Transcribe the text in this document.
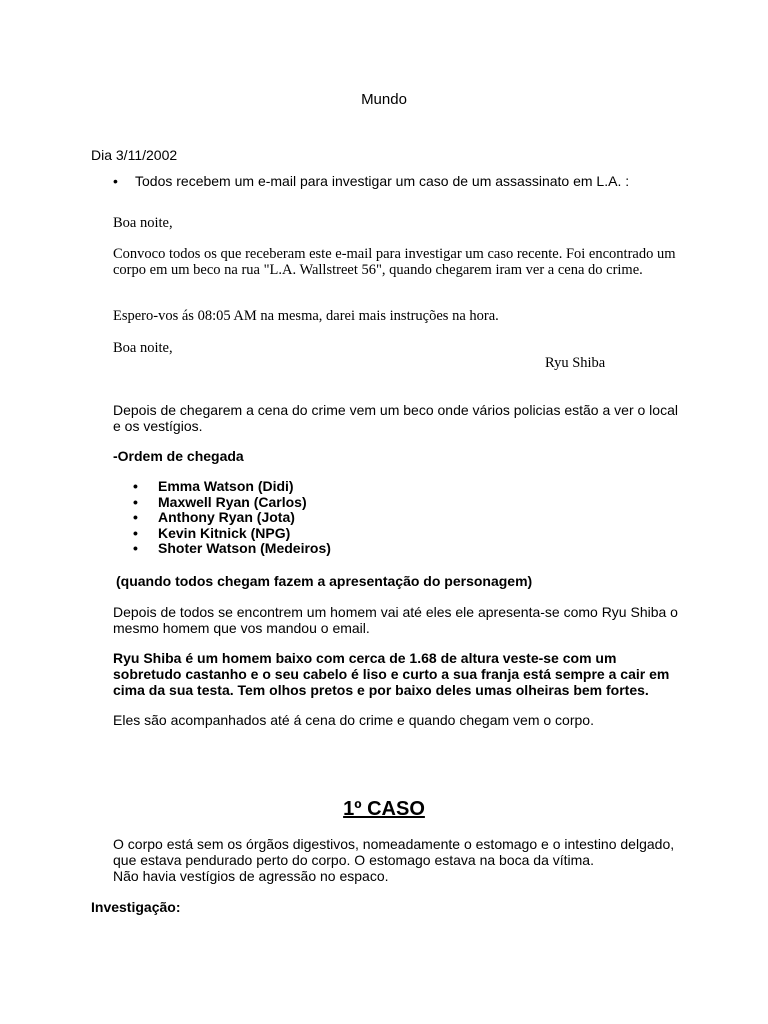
Mundo
Dia 3/11/2002
• Todos recebem um e-mail para investigar um caso de um assassinato em L.A. :
Boa noite,
Convoco todos os que receberam este e-mail para investigar um caso recente. Foi encontrado um corpo em um beco na rua "L.A. Wallstreet 56", quando chegarem iram ver a cena do crime.
Espero-vos ás 08:05 AM na mesma, darei mais instruções na hora.
Boa noite,
Ryu Shiba
Depois de chegarem a cena do crime vem um beco onde vários policias estão a ver o local e os vestígios.
-Ordem de chegada
•	Emma Watson (Didi)
•	Maxwell Ryan (Carlos)
•	Anthony Ryan (Jota)
•	Kevin Kitnick (NPG)
•	Shoter Watson (Medeiros)
(quando todos chegam fazem a apresentação do personagem)
Depois de todos se encontrem um homem vai até eles ele apresenta-se como Ryu Shiba o mesmo homem que vos mandou o email.
Ryu Shiba é um homem baixo com cerca de 1.68 de altura veste-se com um sobretudo castanho e o seu cabelo é liso e curto a sua franja está sempre a cair em cima da sua testa. Tem olhos pretos e por baixo deles umas olheiras bem fortes.
Eles são acompanhados até á cena do crime e quando chegam vem o corpo.
1º CASO
O corpo está sem os órgãos digestivos, nomeadamente o estomago e o intestino delgado,
que estava pendurado perto do corpo. O estomago estava na boca da vítima.
Não havia vestígios de agressão no espaco.
Investigação:
